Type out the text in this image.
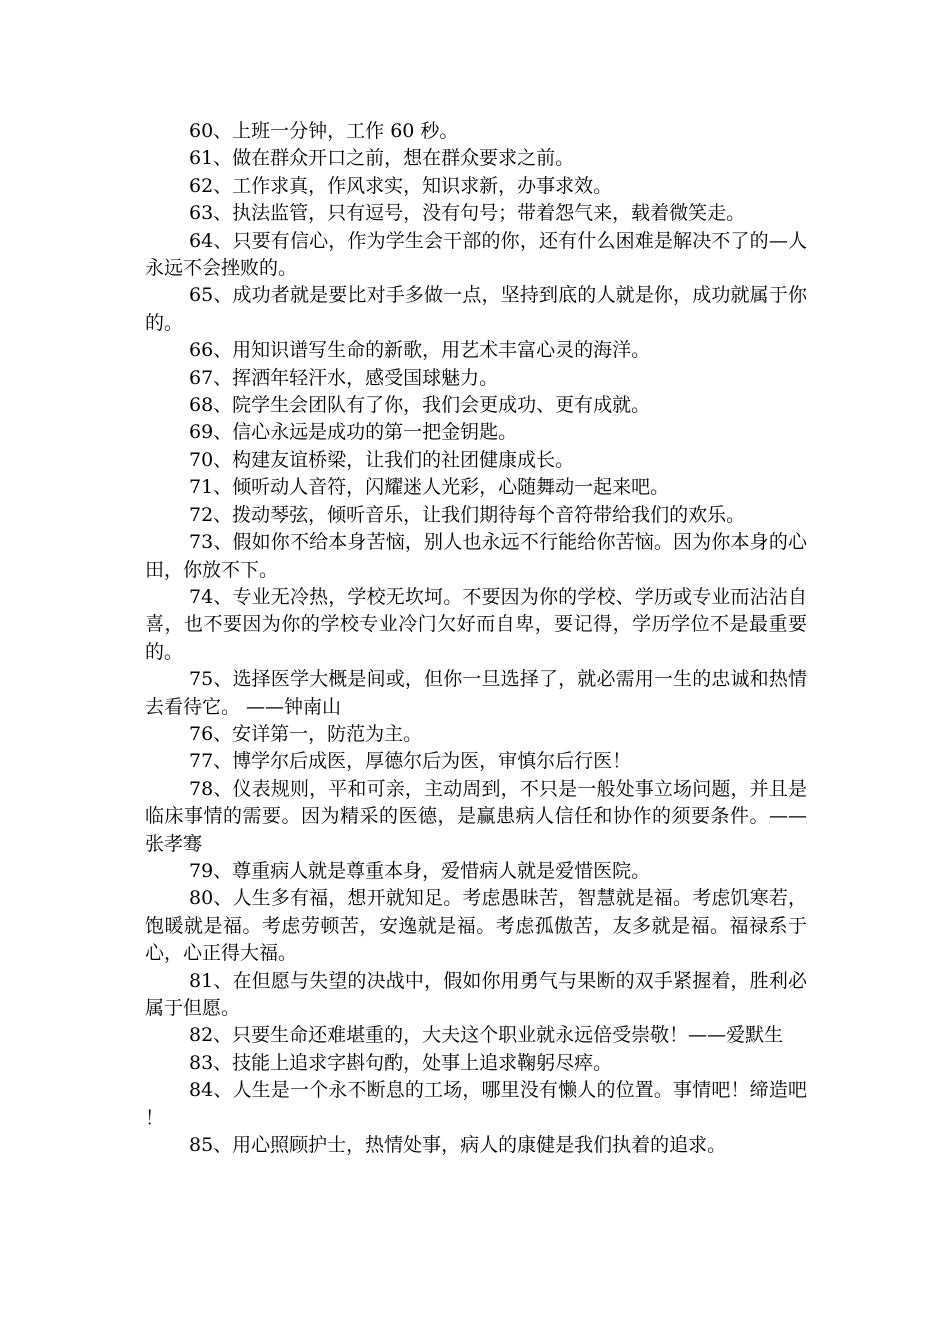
60、上班一分钟，工作 60 秒。

61、做在群众开口之前，想在群众要求之前。

62、工作求真，作风求实，知识求新，办事求效。

63、执法监管，只有逗号，没有句号；带着怨气来，载着微笑走。

64、只要有信心，作为学生会干部的你，还有什么困难是解决不了的—人永远不会挫败的。

65、成功者就是要比对手多做一点，坚持到底的人就是你，成功就属于你的。

66、用知识谱写生命的新歌，用艺术丰富心灵的海洋。

67、挥洒年轻汗水，感受国球魅力。

68、院学生会团队有了你，我们会更成功、更有成就。

69、信心永远是成功的第一把金钥匙。

70、构建友谊桥梁，让我们的社团健康成长。

71、倾听动人音符，闪耀迷人光彩，心随舞动一起来吧。

72、拨动琴弦，倾听音乐，让我们期待每个音符带给我们的欢乐。

73、假如你不给本身苦恼，别人也永远不行能给你苦恼。因为你本身的心田，你放不下。

74、专业无冷热，学校无坎坷。不要因为你的学校、学历或专业而沾沾自喜，也不要因为你的学校专业冷门欠好而自卑，要记得，学历学位不是最重要的。

75、选择医学大概是间或，但你一旦选择了，就必需用一生的忠诚和热情去看待它。 ——钟南山

76、安详第一，防范为主。

77、博学尔后成医，厚德尔后为医，审慎尔后行医！

78、仪表规则，平和可亲，主动周到，不只是一般处事立场问题，并且是临床事情的需要。因为精采的医德，是赢患病人信任和协作的须要条件。——张孝骞

79、尊重病人就是尊重本身，爱惜病人就是爱惜医院。

80、人生多有福，想开就知足。考虑愚昧苦，智慧就是福。考虑饥寒若，饱暖就是福。考虑劳顿苦，安逸就是福。考虑孤傲苦，友多就是福。福禄系于心，心正得大福。

81、在但愿与失望的决战中，假如你用勇气与果断的双手紧握着，胜利必属于但愿。

82、只要生命还难堪重的，大夫这个职业就永远倍受崇敬！——爱默生

83、技能上追求字斟句酌，处事上追求鞠躬尽瘁。

84、人生是一个永不断息的工场，哪里没有懒人的位置。事情吧！缔造吧！

85、用心照顾护士，热情处事，病人的康健是我们执着的追求。
